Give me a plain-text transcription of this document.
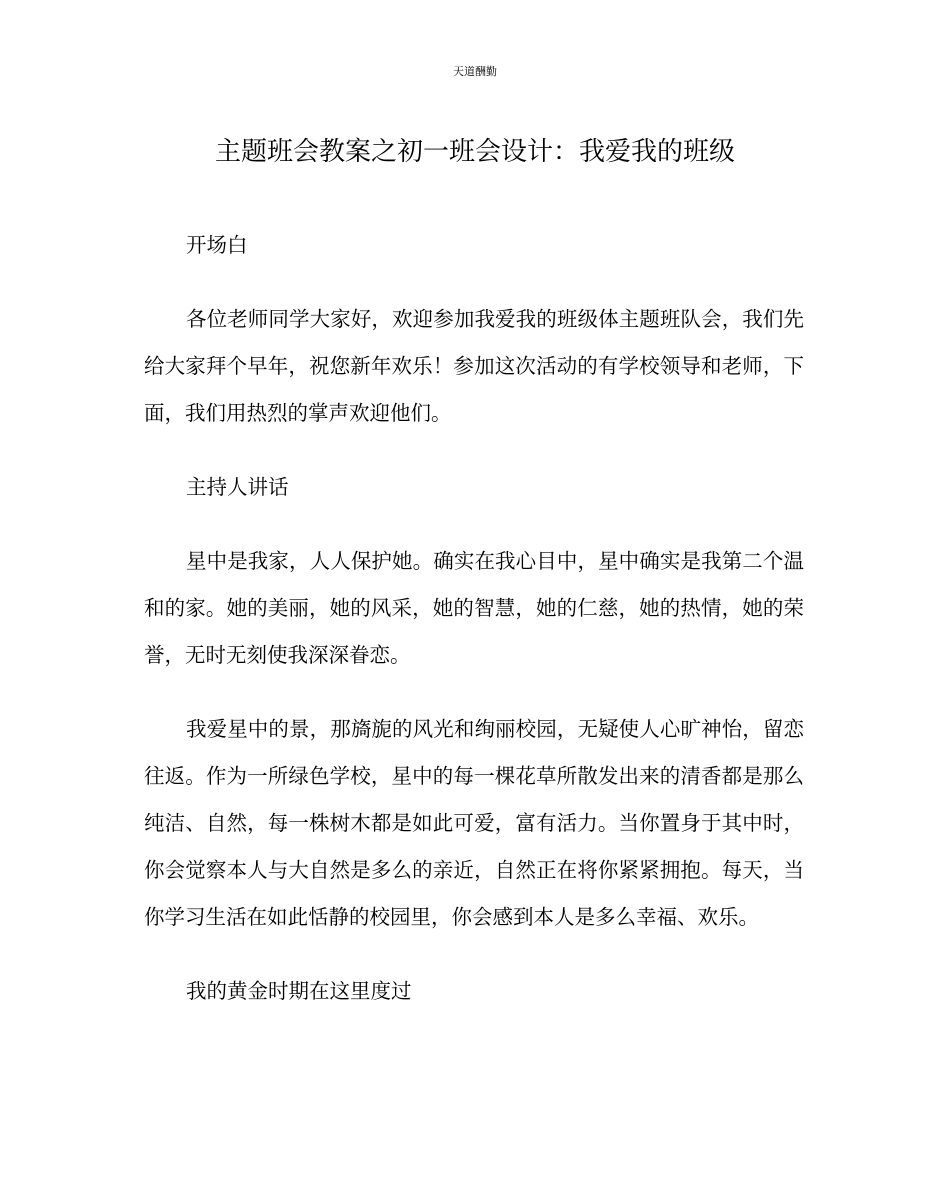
天道酬勤
主题班会教案之初一班会设计：我爱我的班级

开场白

各位老师同学大家好，欢迎参加我爱我的班级体主题班队会，我们先给大家拜个早年，祝您新年欢乐！参加这次活动的有学校领导和老师，下面，我们用热烈的掌声欢迎他们。

主持人讲话

星中是我家，人人保护她。确实在我心目中，星中确实是我第二个温和的家。她的美丽，她的风采，她的智慧，她的仁慈，她的热情，她的荣誉，无时无刻使我深深眷恋。

我爱星中的景，那旖旎的风光和绚丽校园，无疑使人心旷神怡，留恋往返。作为一所绿色学校，星中的每一棵花草所散发出来的清香都是那么纯洁、自然，每一株树木都是如此可爱，富有活力。当你置身于其中时，你会觉察本人与大自然是多么的亲近，自然正在将你紧紧拥抱。每天，当你学习生活在如此恬静的校园里，你会感到本人是多么幸福、欢乐。

我的黄金时期在这里度过
